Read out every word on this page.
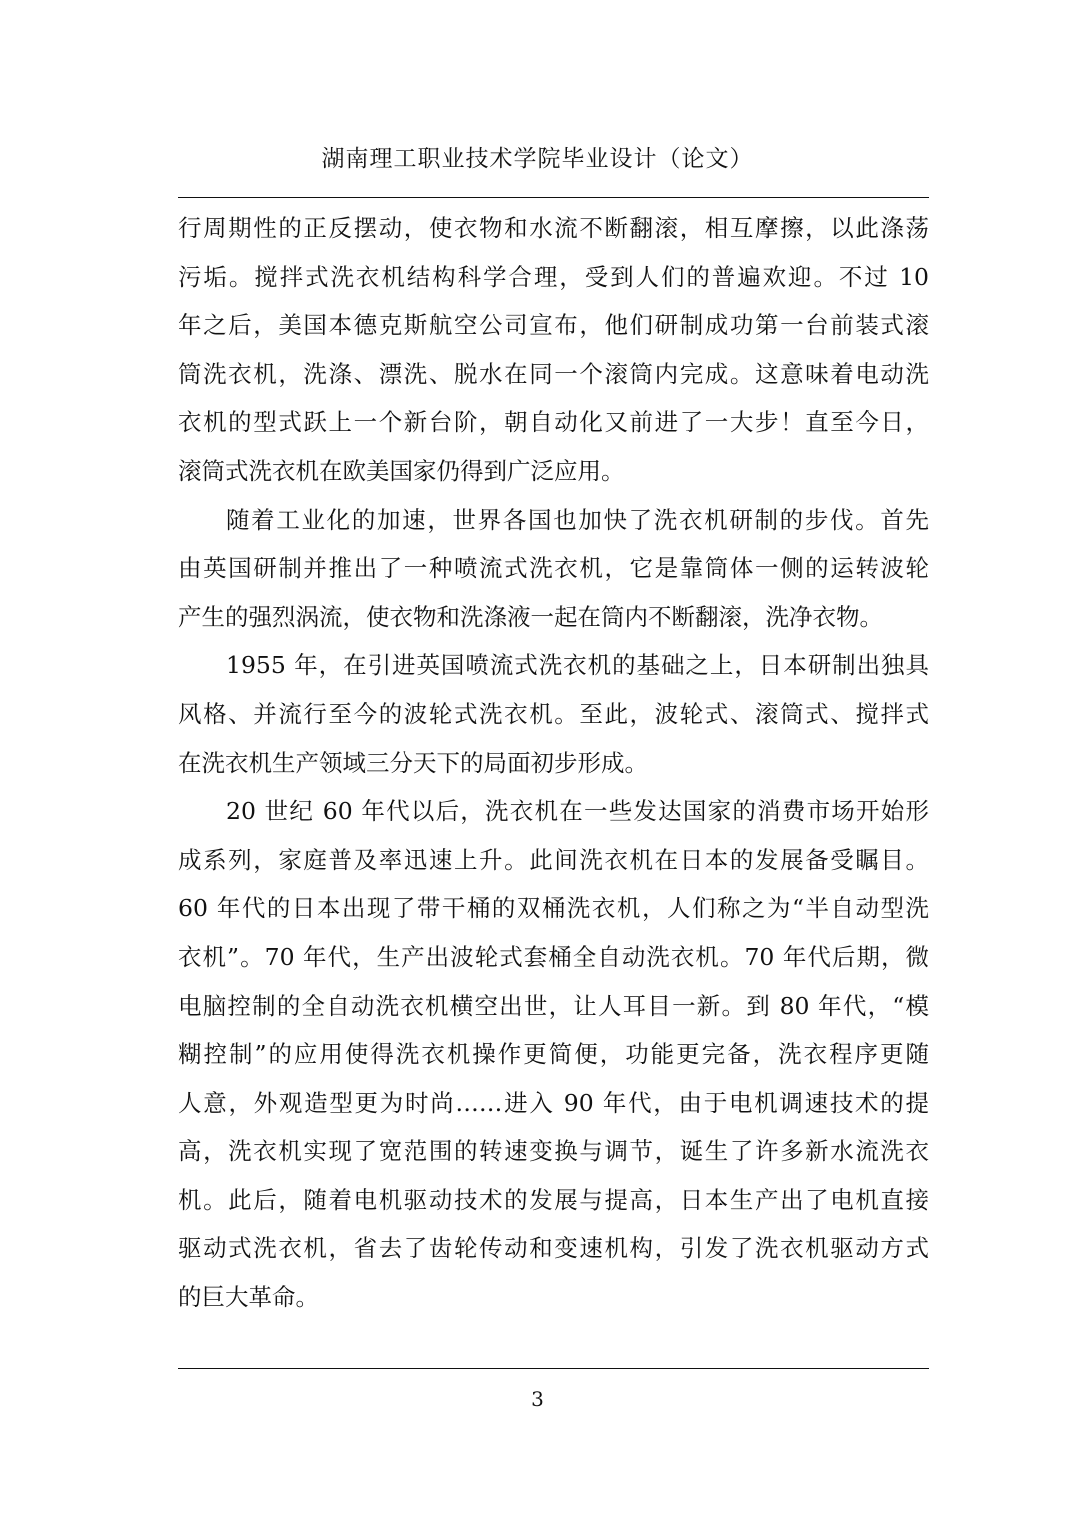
湖南理工职业技术学院毕业设计（论文）
行周期性的正反摆动，使衣物和水流不断翻滚，相互摩擦，以此涤荡
污垢。搅拌式洗衣机结构科学合理，受到人们的普遍欢迎。不过 10
年之后，美国本德克斯航空公司宣布，他们研制成功第一台前装式滚
筒洗衣机，洗涤、漂洗、脱水在同一个滚筒内完成。这意味着电动洗
衣机的型式跃上一个新台阶，朝自动化又前进了一大步！直至今日，
滚筒式洗衣机在欧美国家仍得到广泛应用。
随着工业化的加速，世界各国也加快了洗衣机研制的步伐。首先
由英国研制并推出了一种喷流式洗衣机，它是靠筒体一侧的运转波轮
产生的强烈涡流，使衣物和洗涤液一起在筒内不断翻滚，洗净衣物。
1955 年，在引进英国喷流式洗衣机的基础之上，日本研制出独具
风格、并流行至今的波轮式洗衣机。至此，波轮式、滚筒式、搅拌式
在洗衣机生产领域三分天下的局面初步形成。
20 世纪 60 年代以后，洗衣机在一些发达国家的消费市场开始形
成系列，家庭普及率迅速上升。此间洗衣机在日本的发展备受瞩目。
60 年代的日本出现了带干桶的双桶洗衣机，人们称之为“半自动型洗
衣机”。70 年代，生产出波轮式套桶全自动洗衣机。70 年代后期，微
电脑控制的全自动洗衣机横空出世，让人耳目一新。到 80 年代，“模
糊控制”的应用使得洗衣机操作更简便，功能更完备，洗衣程序更随
人意，外观造型更为时尚……进入 90 年代，由于电机调速技术的提
高，洗衣机实现了宽范围的转速变换与调节，诞生了许多新水流洗衣
机。此后，随着电机驱动技术的发展与提高，日本生产出了电机直接
驱动式洗衣机，省去了齿轮传动和变速机构，引发了洗衣机驱动方式
的巨大革命。
3
